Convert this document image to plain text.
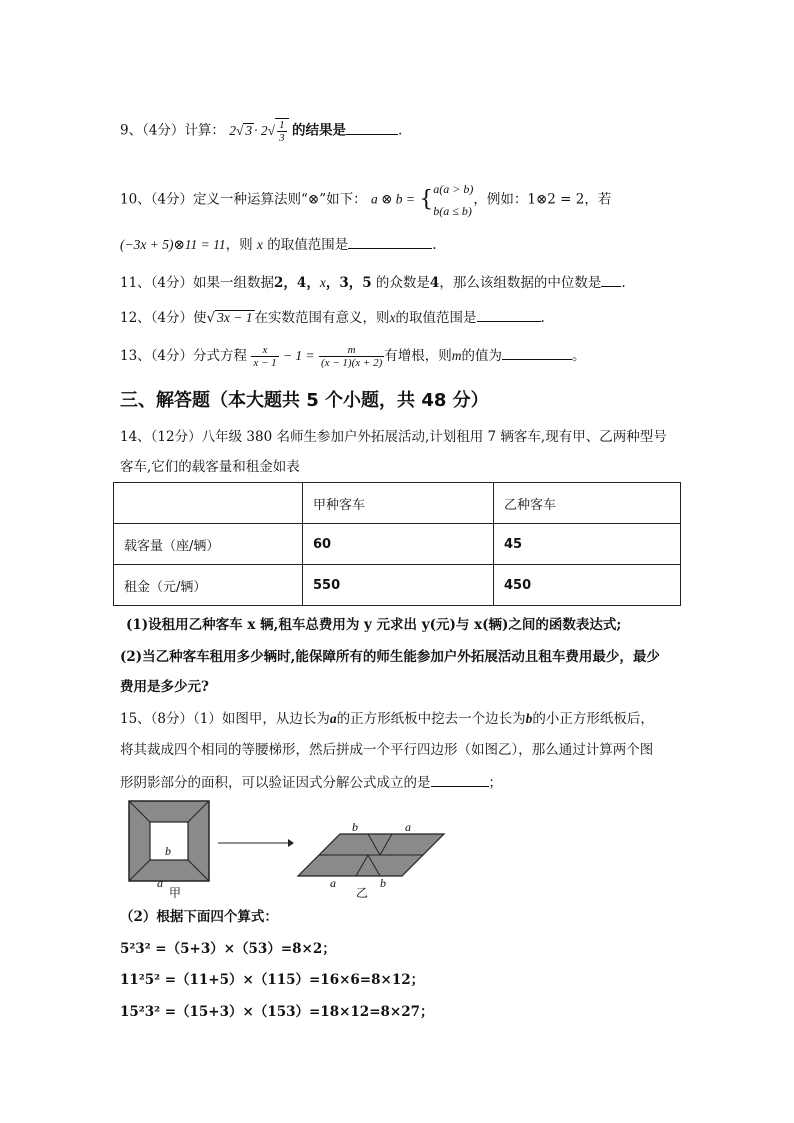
9、（4分）计算： 2√ $3 \cdot 2√ \frac{1}{3}$ 的结果是	.
10、（4分）定义一种运算法则“⊗”如下： a ⊗ b = { a(a > b)
b(a ≤ b)
，例如：1⊗2 = 2，若
(−3x + 5)⊗11 = 11，则 x 的取值范围是	.
11、（4分）如果一组数据2，4，x，3，5 的众数是4，那么该组数据的中位数是 .
12、（4分）使√ 3x − 1 在实数范围有意义，则x的取值范围是	.
13、（4分）分式方程 $\frac{x}{x - 1} - 1 = \frac{m}{(x - 1)(x + 2)}$ 有增根，则m的值为	。
三、解答题（本大题共 5 个小题，共 48 分）
14、（12分）八年级 380 名师生参加户外拓展活动,计划租用 7 辆客车,现有甲、乙两种型号
客车,它们的载客量和租金如表
	甲种客车	乙种客车
载客量（座/辆）	60	45
租金（元/辆）	550	450
(1)设租用乙种客车 x 辆,租车总费用为 y 元求出 y(元)与 x(辆)之间的函数表达式;
(2)当乙种客车租用多少辆时,能保障所有的师生能参加户外拓展活动且租车费用最少，最少
费用是多少元?
15、（8分）（1）如图甲，从边长为a的正方形纸板中挖去一个边长为b的小正方形纸板后，
将其裁成四个相同的等腰梯形，然后拼成一个平行四边形（如图乙），那么通过计算两个图
形阴影部分的面积，可以验证因式分解公式成立的是	；
b
a
甲
b	a
a	b
乙
（2）根据下面四个算式：
5²3² =（5+3）×（53）=8×2；
11²5² =（11+5）×（115）=16×6=8×12；
15²3² =（15+3）×（153）=18×12=8×27；
